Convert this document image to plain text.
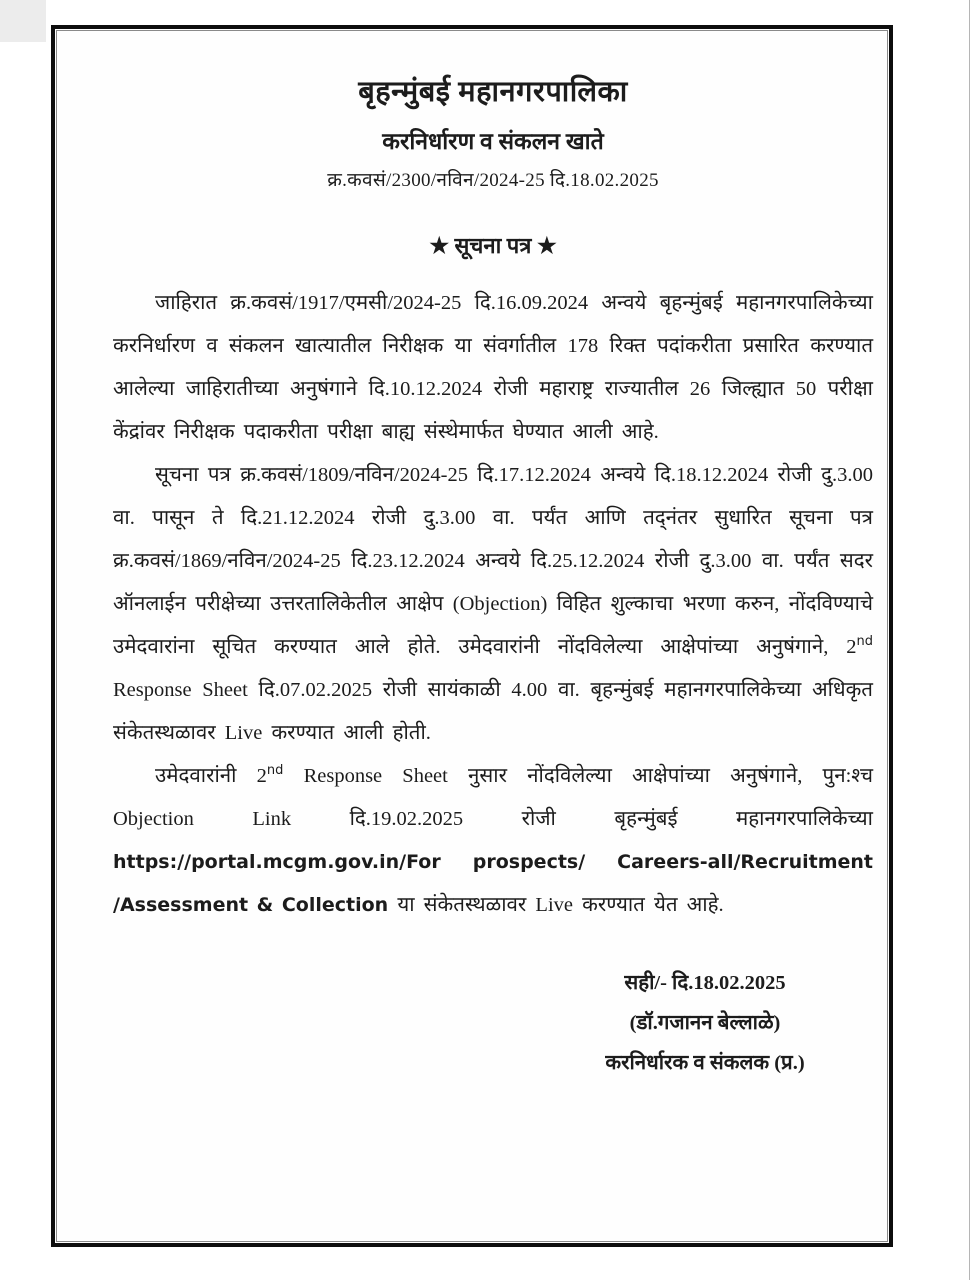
बृहन्मुंबई महानगरपालिका
करनिर्धारण व संकलन खाते
क्र.कवसं/2300/नविन/2024-25 दि.18.02.2025
★ सूचना पत्र ★

जाहिरात क्र.कवसं/1917/एमसी/2024-25 दि.16.09.2024 अन्वये बृहन्मुंबई महानगरपालिकेच्या करनिर्धारण व संकलन खात्यातील निरीक्षक या संवर्गातील 178 रिक्त पदांकरीता प्रसारित करण्यात आलेल्या जाहिरातीच्या अनुषंगाने दि.10.12.2024 रोजी महाराष्ट्र राज्यातील 26 जिल्ह्यात 50 परीक्षा केंद्रांवर निरीक्षक पदाकरीता परीक्षा बाह्य संस्थेमार्फत घेण्यात आली आहे.

सूचना पत्र क्र.कवसं/1809/नविन/2024-25 दि.17.12.2024 अन्वये दि.18.12.2024 रोजी दु.3.00 वा. पासून ते दि.21.12.2024 रोजी दु.3.00 वा. पर्यंत आणि तद्नंतर सुधारित सूचना पत्र क्र.कवसं/1869/नविन/2024-25 दि.23.12.2024 अन्वये दि.25.12.2024 रोजी दु.3.00 वा. पर्यंत सदर ऑनलाईन परीक्षेच्या उत्तरतालिकेतील आक्षेप (Objection) विहित शुल्काचा भरणा करुन, नोंदविण्याचे उमेदवारांना सूचित करण्यात आले होते. उमेदवारांनी नोंदविलेल्या आक्षेपांच्या अनुषंगाने, 2nd Response Sheet दि.07.02.2025 रोजी सायंकाळी 4.00 वा. बृहन्मुंबई महानगरपालिकेच्या अधिकृत संकेतस्थळावर Live करण्यात आली होती.

उमेदवारांनी 2nd Response Sheet नुसार नोंदविलेल्या आक्षेपांच्या अनुषंगाने, पुन:श्च Objection Link दि.19.02.2025 रोजी बृहन्मुंबई महानगरपालिकेच्या https://portal.mcgm.gov.in/For prospects/ Careers-all/Recruitment /Assessment & Collection या संकेतस्थळावर Live करण्यात येत आहे.

सही/- दि.18.02.2025
(डॉ.गजानन बेल्लाळे)
करनिर्धारक व संकलक (प्र.)
